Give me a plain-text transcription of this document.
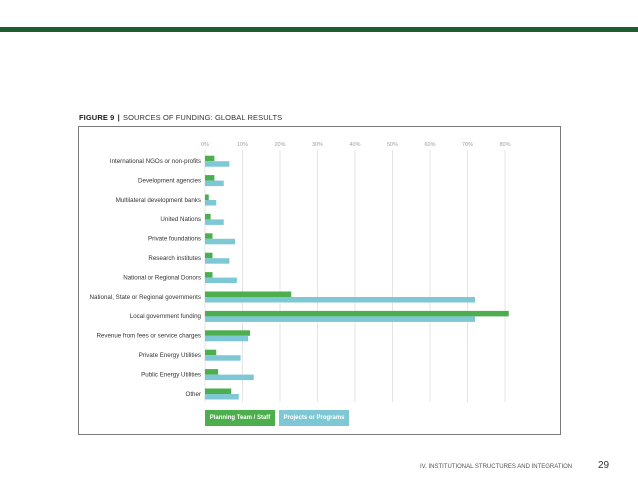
FIGURE 9 | SOURCES OF FUNDING: GLOBAL RESULTS
0%	10%	20%	30%	40%	50%	60%	70%	80%
International NGOs or non-profits
Development agencies
Multilateral development banks
United Nations
Private foundations
Research institutes
National or Regional Donors
National, State or Regional governments
Local government funding
Revenue from fees or service charges
Private Energy Utilities
Public Energy Utilities
Other
Planning Team / Staff	Projects or Programs
IV. INSTITUTIONAL STRUCTURES AND INTEGRATION	29
